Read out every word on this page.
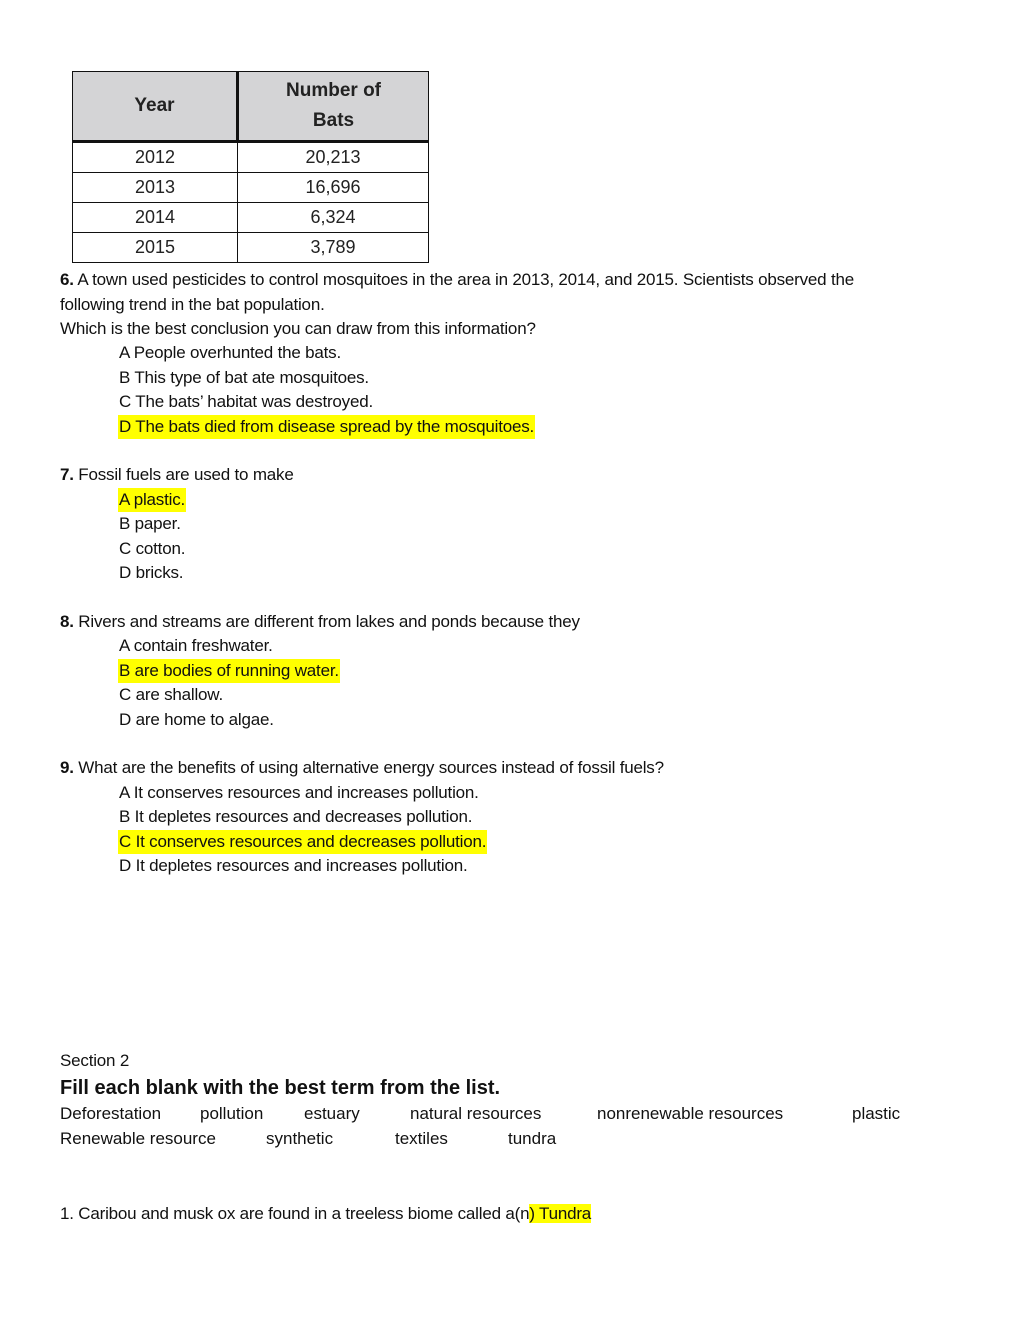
Year	Number of
Bats
2012	20,213
2013	16,696
2014	6,324
2015	3,789
6. A town used pesticides to control mosquitoes in the area in 2013, 2014, and 2015. Scientists observed the
following trend in the bat population.
Which is the best conclusion you can draw from this information?
A People overhunted the bats.
B This type of bat ate mosquitoes.
C The bats’ habitat was destroyed.
D The bats died from disease spread by the mosquitoes.
7. Fossil fuels are used to make
A plastic.
B paper.
C cotton.
D bricks.
8. Rivers and streams are different from lakes and ponds because they
A contain freshwater.
B are bodies of running water.
C are shallow.
D are home to algae.
9. What are the benefits of using alternative energy sources instead of fossil fuels?
A It conserves resources and increases pollution.
B It depletes resources and decreases pollution.
C It conserves resources and decreases pollution.
D It depletes resources and increases pollution.
Section 2
Fill each blank with the best term from the list.
Deforestation pollution estuary	natural resources	nonrenewable resources	plastic
Renewable resource	synthetic	textiles	tundra
1. Caribou and musk ox are found in a treeless biome called a(n) Tundra
